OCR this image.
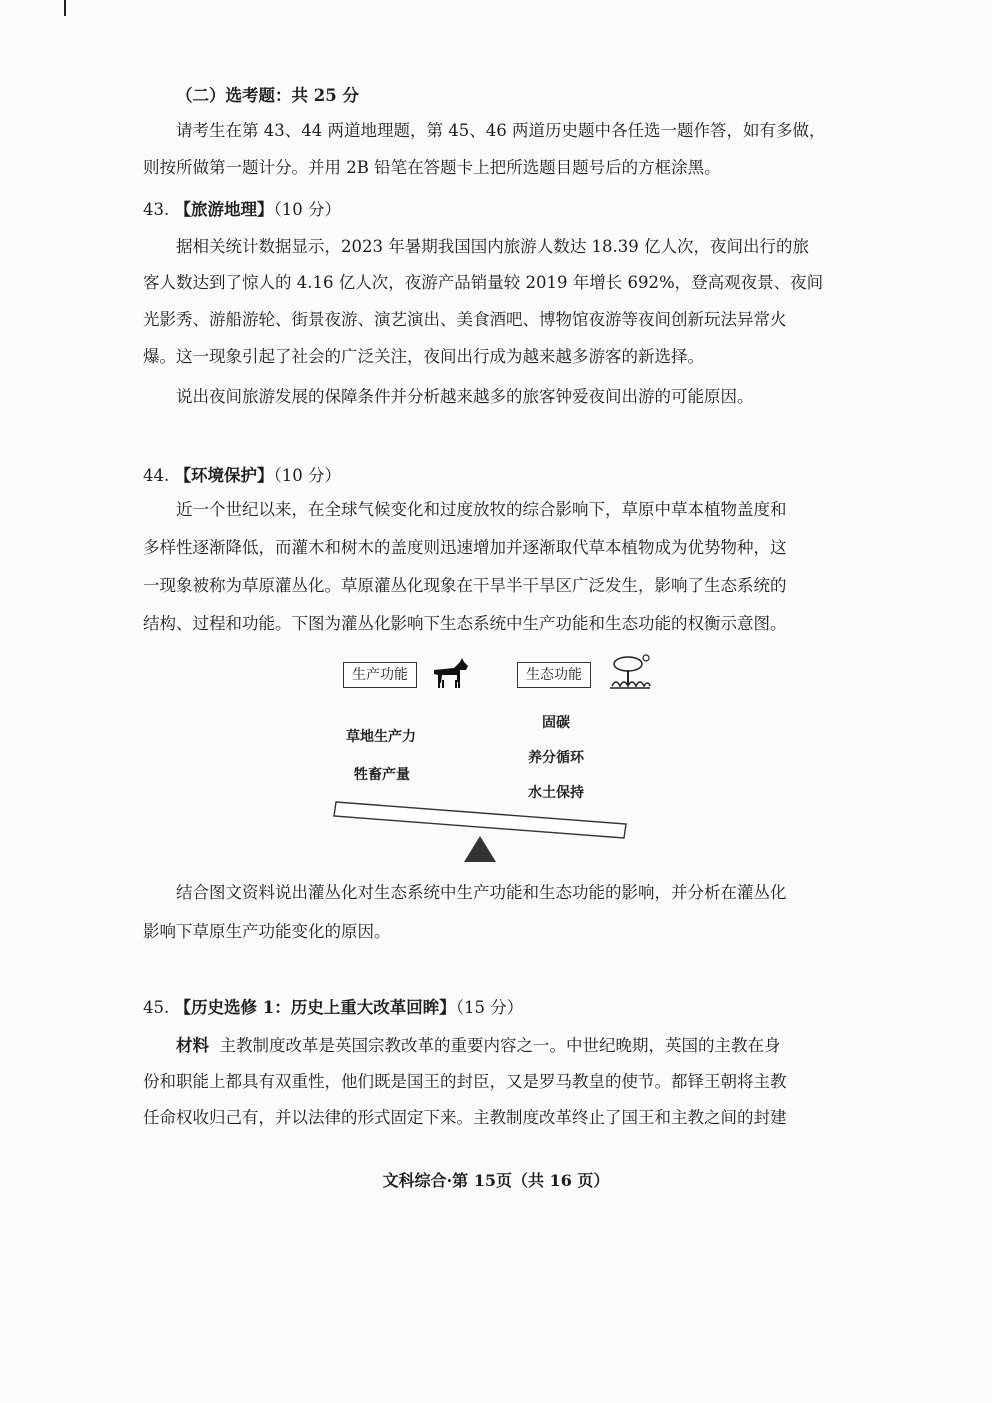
（二）选考题：共 25 分
请考生在第 43、44 两道地理题，第 45、46 两道历史题中各任选一题作答，如有多做，
则按所做第一题计分。并用 2B 铅笔在答题卡上把所选题目题号后的方框涂黑。
43. 【旅游地理】（10 分）
据相关统计数据显示，2023 年暑期我国国内旅游人数达 18.39 亿人次，夜间出行的旅
客人数达到了惊人的 4.16 亿人次，夜游产品销量较 2019 年增长 692%，登高观夜景、夜间
光影秀、游船游轮、街景夜游、演艺演出、美食酒吧、博物馆夜游等夜间创新玩法异常火
爆。这一现象引起了社会的广泛关注，夜间出行成为越来越多游客的新选择。
说出夜间旅游发展的保障条件并分析越来越多的旅客钟爱夜间出游的可能原因。
44. 【环境保护】（10 分）
近一个世纪以来，在全球气候变化和过度放牧的综合影响下，草原中草本植物盖度和
多样性逐渐降低，而灌木和树木的盖度则迅速增加并逐渐取代草本植物成为优势物种，这
一现象被称为草原灌丛化。草原灌丛化现象在干旱半干旱区广泛发生，影响了生态系统的
结构、过程和功能。下图为灌丛化影响下生态系统中生产功能和生态功能的权衡示意图。
生产功能	生态功能
草地生产力
牲畜产量
固碳
养分循环
水土保持
结合图文资料说出灌丛化对生态系统中生产功能和生态功能的影响，并分析在灌丛化
影响下草原生产功能变化的原因。
45. 【历史选修 1：历史上重大改革回眸】（15 分）
材料 主教制度改革是英国宗教改革的重要内容之一。中世纪晚期，英国的主教在身
份和职能上都具有双重性，他们既是国王的封臣，又是罗马教皇的使节。都铎王朝将主教
任命权收归己有，并以法律的形式固定下来。主教制度改革终止了国王和主教之间的封建
文科综合·第 15页（共 16 页）
